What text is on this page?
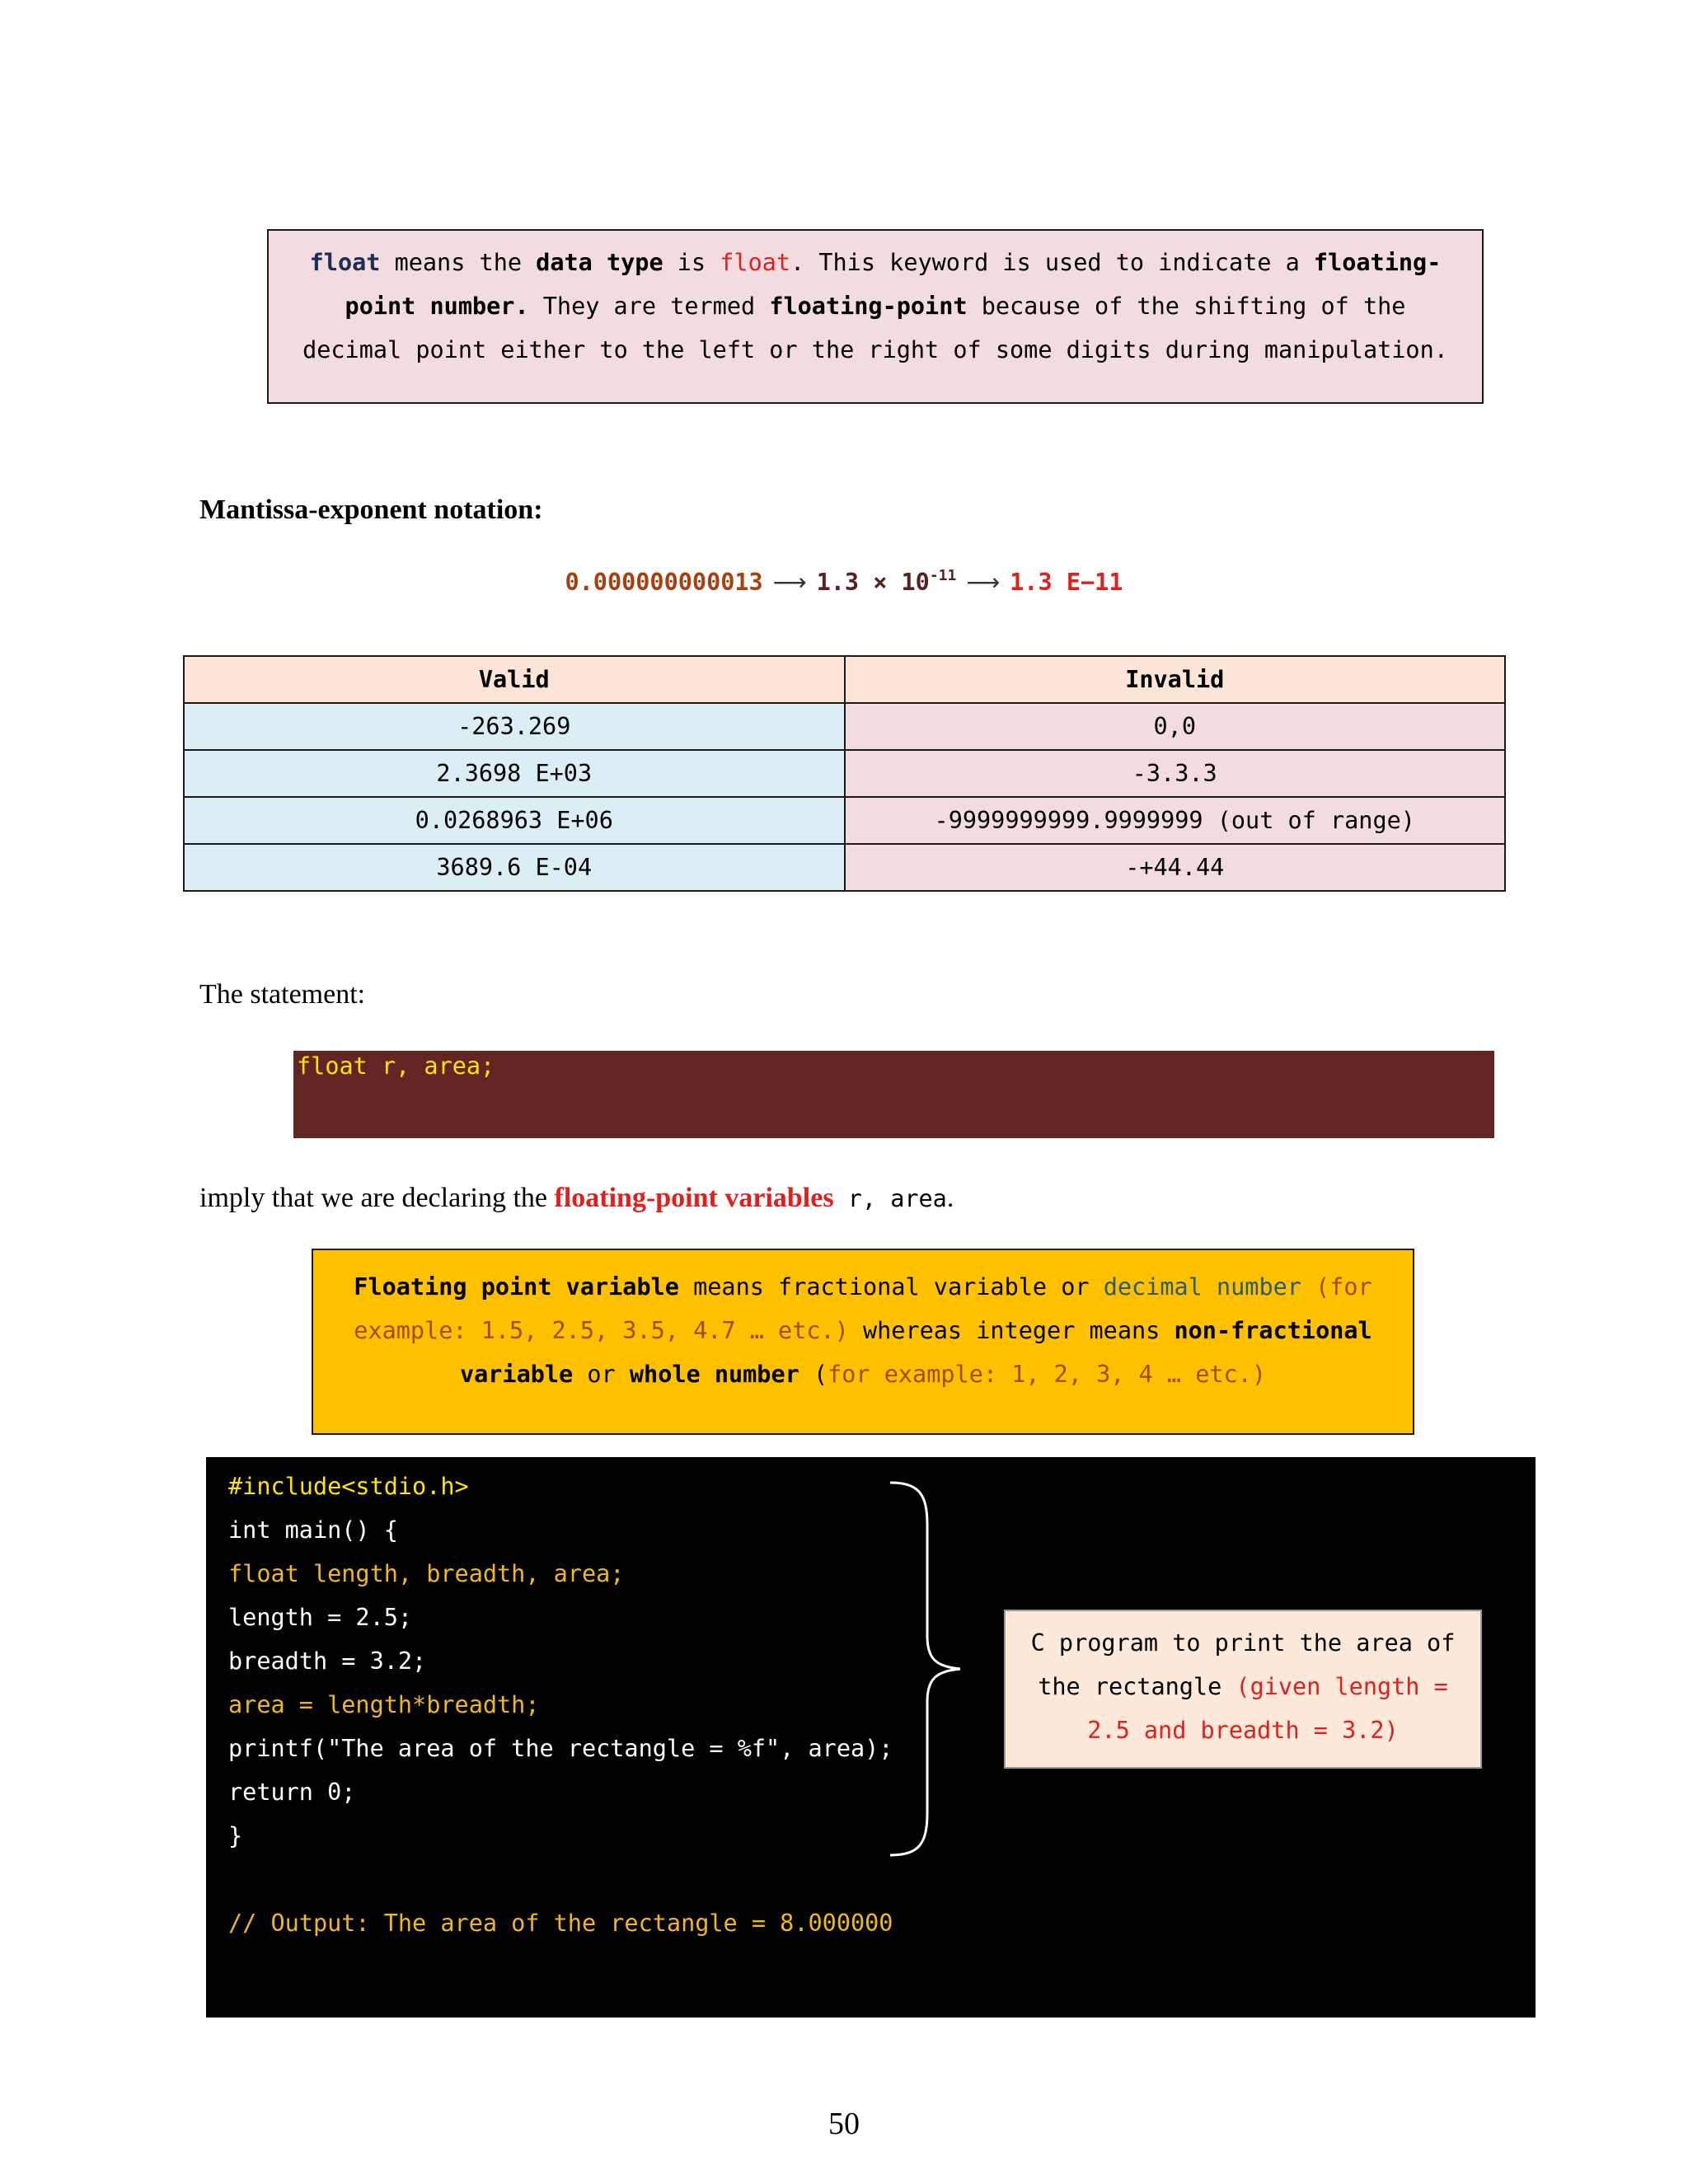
float means the data type is float. This keyword is used to indicate a floating-point number. They are termed floating-point because of the shifting of the decimal point either to the left or the right of some digits during manipulation.
Mantissa-exponent notation:
0.000000000013 ⟶ $1.3 \times 10^{-11}$ ⟶ 1.3 E−11
Valid	Invalid
-263.269	0,0
2.3698 E+03	-3.3.3
0.0268963 E+06	-9999999999.9999999 (out of range)
3689.6 E-04	-+44.44
The statement:
float r, area;
imply that we are declaring the floating-point variables r, area.
Floating point variable means fractional variable or decimal number (for example: 1.5, 2.5, 3.5, 4.7 … etc.) whereas integer means non-fractional variable or whole number (for example: 1, 2, 3, 4 … etc.)
#include<stdio.h>
int main() {
float length, breadth, area;
length = 2.5;
breadth = 3.2;
area = length*breadth;
printf("The area of the rectangle = %f", area);
return 0;
}
// Output: The area of the rectangle = 8.000000
C program to print the area of the rectangle (given length = 2.5 and breadth = 3.2)
50
